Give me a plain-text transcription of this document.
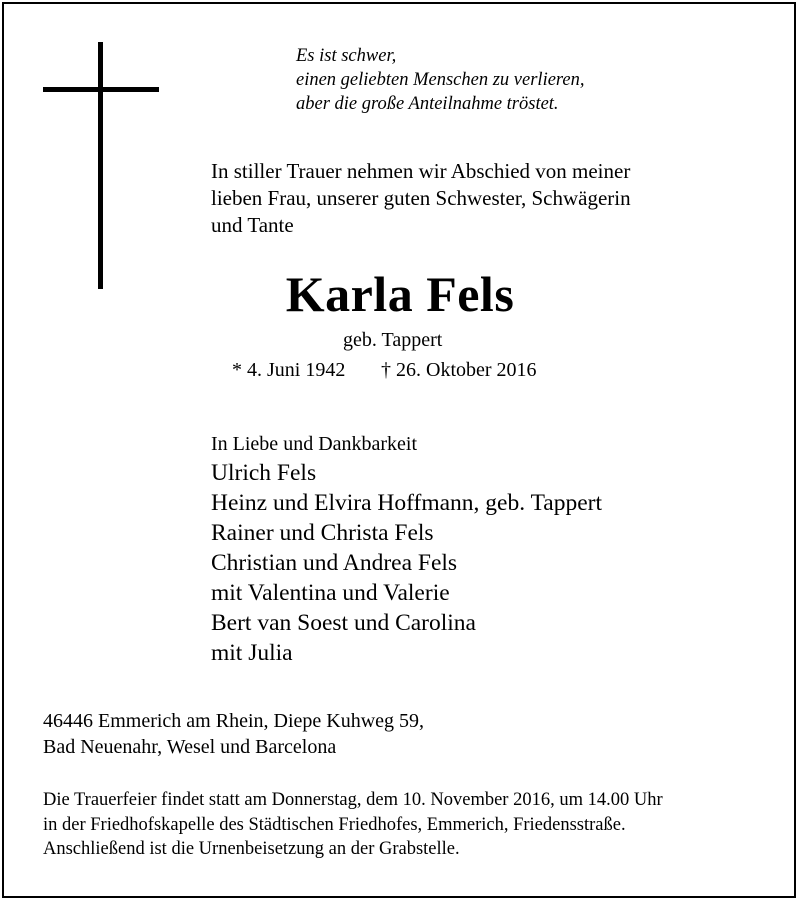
Es ist schwer,
einen geliebten Menschen zu verlieren,
aber die große Anteilnahme tröstet.
In stiller Trauer nehmen wir Abschied von meiner
lieben Frau, unserer guten Schwester, Schwägerin
und Tante
Karla Fels
geb. Tappert
* 4. Juni 1942 † 26. Oktober 2016
In Liebe und Dankbarkeit
Ulrich Fels
Heinz und Elvira Hoffmann, geb. Tappert
Rainer und Christa Fels
Christian und Andrea Fels
mit Valentina und Valerie
Bert van Soest und Carolina
mit Julia
46446 Emmerich am Rhein, Diepe Kuhweg 59,
Bad Neuenahr, Wesel und Barcelona
Die Trauerfeier findet statt am Donnerstag, dem 10. November 2016, um 14.00 Uhr
in der Friedhofskapelle des Städtischen Friedhofes, Emmerich, Friedensstraße.
Anschließend ist die Urnenbeisetzung an der Grabstelle.
